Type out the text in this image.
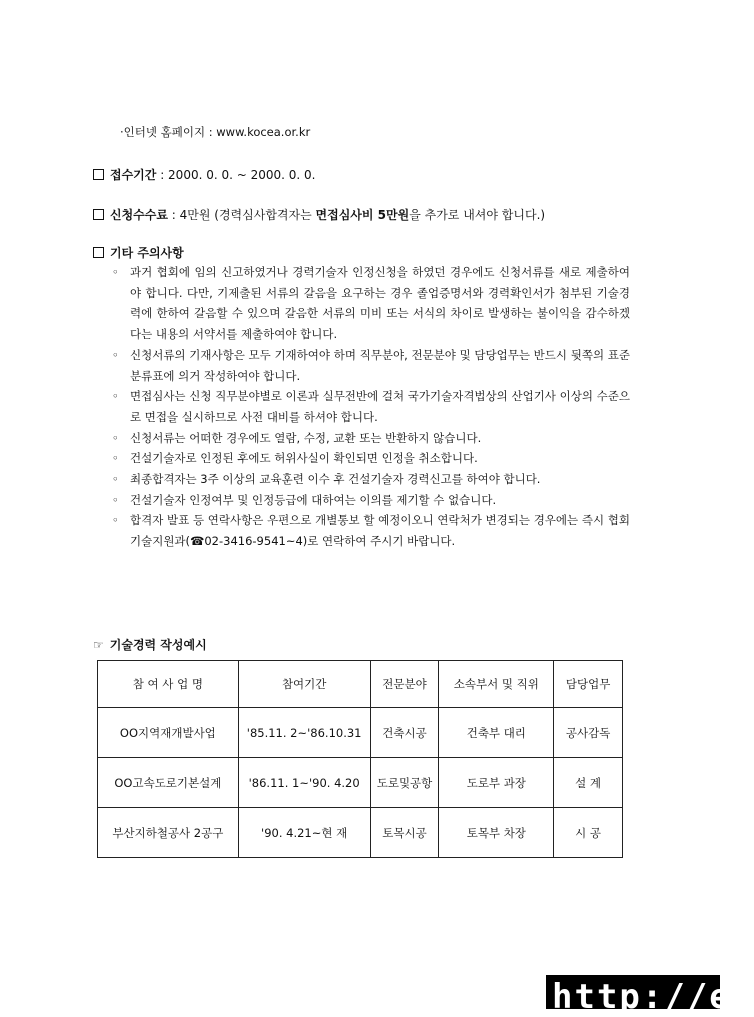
·인터넷 홈페이지 : www.kocea.or.kr
접수기간 : 2000. 0. 0. ~ 2000. 0. 0.
신청수수료 : 4만원 (경력심사합격자는 면접심사비 5만원을 추가로 내셔야 합니다.)
기타 주의사항
◦ 과거 협회에 임의 신고하였거나 경력기술자 인정신청을 하였던 경우에도 신청서류를 새로 제출하여야 합니다. 다만, 기제출된 서류의 갈음을 요구하는 경우 졸업증명서와 경력확인서가 첨부된 기술경력에 한하여 갈음할 수 있으며 갈음한 서류의 미비 또는 서식의 차이로 발생하는 불이익을 감수하겠다는 내용의 서약서를 제출하여야 합니다.
◦ 신청서류의 기재사항은 모두 기재하여야 하며 직무분야, 전문분야 및 담당업무는 반드시 뒷쪽의 표준분류표에 의거 작성하여야 합니다.
◦ 면접심사는 신청 직무분야별로 이론과 실무전반에 걸쳐 국가기술자격법상의 산업기사 이상의 수준으로 면접을 실시하므로 사전 대비를 하셔야 합니다.
◦ 신청서류는 어떠한 경우에도 열람, 수정, 교환 또는 반환하지 않습니다.
◦ 건설기술자로 인정된 후에도 허위사실이 확인되면 인정을 취소합니다.
◦ 최종합격자는 3주 이상의 교육훈련 이수 후 건설기술자 경력신고를 하여야 합니다.
◦ 건설기술자 인정여부 및 인정등급에 대하여는 이의를 제기할 수 없습니다.
◦ 합격자 발표 등 연락사항은 우편으로 개별통보 할 예정이오니 연락처가 변경되는 경우에는 즉시 협회 기술지원과(☎02-3416-9541~4)로 연락하여 주시기 바랍니다.
☞ 기술경력 작성예시
참 여 사 업 명	참여기간	전문분야	소속부서 및 직위	담당업무
OO지역재개발사업	'85.11. 2~'86.10.31	건축시공	건축부 대리	공사감독
OO고속도로기본설계	'86.11. 1~'90. 4.20	도로및공항	도로부 과장	설 계
부산지하철공사 2공구	'90. 4.21~현 재	토목시공	토목부 차장	시 공
http://ef
